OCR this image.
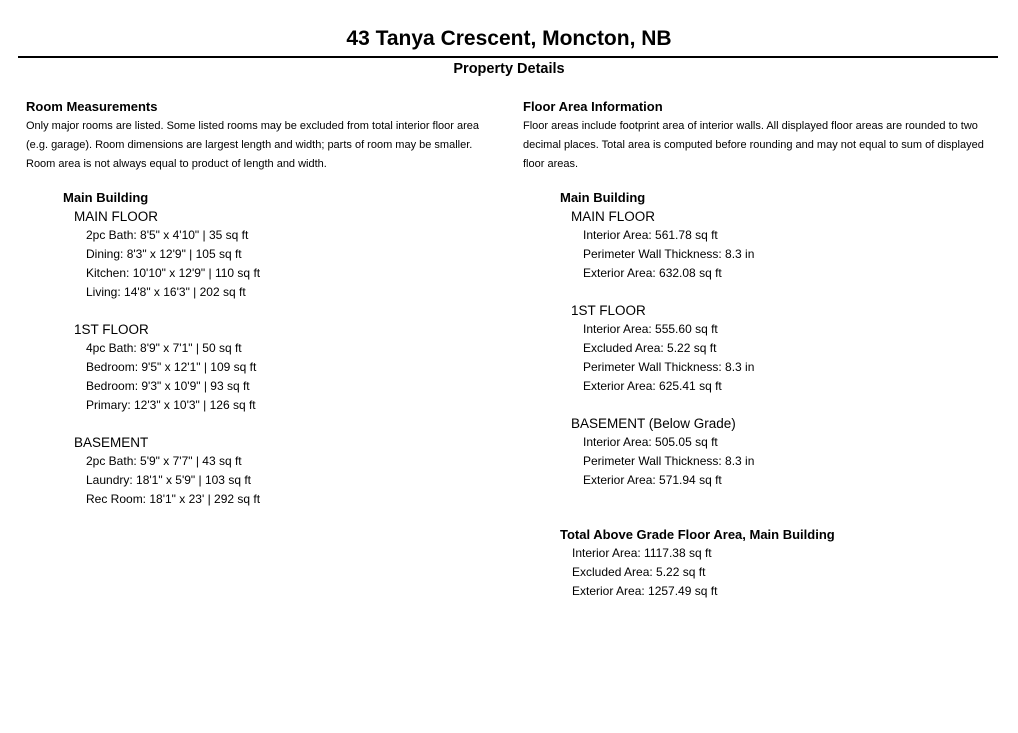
43 Tanya Crescent, Moncton, NB
Property Details
Room Measurements
Only major rooms are listed. Some listed rooms may be excluded from total interior floor area
(e.g. garage). Room dimensions are largest length and width; parts of room may be smaller.
Room area is not always equal to product of length and width.
Main Building
MAIN FLOOR
2pc Bath: 8'5" x 4'10" | 35 sq ft
Dining: 8'3" x 12'9" | 105 sq ft
Kitchen: 10'10" x 12'9" | 110 sq ft
Living: 14'8" x 16'3" | 202 sq ft
1ST FLOOR
4pc Bath: 8'9" x 7'1" | 50 sq ft
Bedroom: 9'5" x 12'1" | 109 sq ft
Bedroom: 9'3" x 10'9" | 93 sq ft
Primary: 12'3" x 10'3" | 126 sq ft
BASEMENT
2pc Bath: 5'9" x 7'7" | 43 sq ft
Laundry: 18'1" x 5'9" | 103 sq ft
Rec Room: 18'1" x 23' | 292 sq ft
Floor Area Information
Floor areas include footprint area of interior walls. All displayed floor areas are rounded to two
decimal places. Total area is computed before rounding and may not equal to sum of displayed
floor areas.
Main Building
MAIN FLOOR
Interior Area: 561.78 sq ft
Perimeter Wall Thickness: 8.3 in
Exterior Area: 632.08 sq ft
1ST FLOOR
Interior Area: 555.60 sq ft
Excluded Area: 5.22 sq ft
Perimeter Wall Thickness: 8.3 in
Exterior Area: 625.41 sq ft
BASEMENT (Below Grade)
Interior Area: 505.05 sq ft
Perimeter Wall Thickness: 8.3 in
Exterior Area: 571.94 sq ft
Total Above Grade Floor Area, Main Building
Interior Area: 1117.38 sq ft
Excluded Area: 5.22 sq ft
Exterior Area: 1257.49 sq ft
